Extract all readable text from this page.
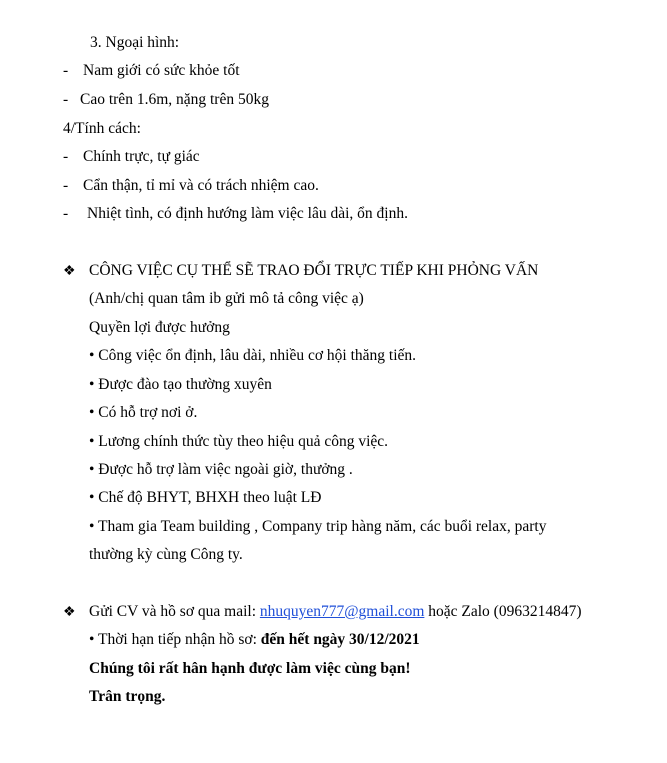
3. Ngoại hình:
- Nam giới có sức khỏe tốt
- Cao trên 1.6m, nặng trên 50kg
4/Tính cách:
- Chính trực, tự giác
- Cẩn thận, tỉ mỉ và có trách nhiệm cao.
- Nhiệt tình, có định hướng làm việc lâu dài, ổn định.
❖ CÔNG VIỆC CỤ THỂ SẼ TRAO ĐỔI TRỰC TIẾP KHI PHỎNG VẤN
(Anh/chị quan tâm ib gửi mô tả công việc ạ)
Quyền lợi được hưởng
• Công việc ổn định, lâu dài, nhiều cơ hội thăng tiến.
• Được đào tạo thường xuyên
• Có hỗ trợ nơi ở.
• Lương chính thức tùy theo hiệu quả công việc.
• Được hỗ trợ làm việc ngoài giờ, thưởng .
• Chế độ BHYT, BHXH theo luật LĐ
• Tham gia Team building , Company trip hàng năm, các buổi relax, party
thường kỳ cùng Công ty.
❖ Gửi CV và hồ sơ qua mail: nhuquyen777@gmail.com hoặc Zalo (0963214847)
• Thời hạn tiếp nhận hồ sơ: đến hết ngày 30/12/2021
Chúng tôi rất hân hạnh được làm việc cùng bạn!
Trân trọng.
